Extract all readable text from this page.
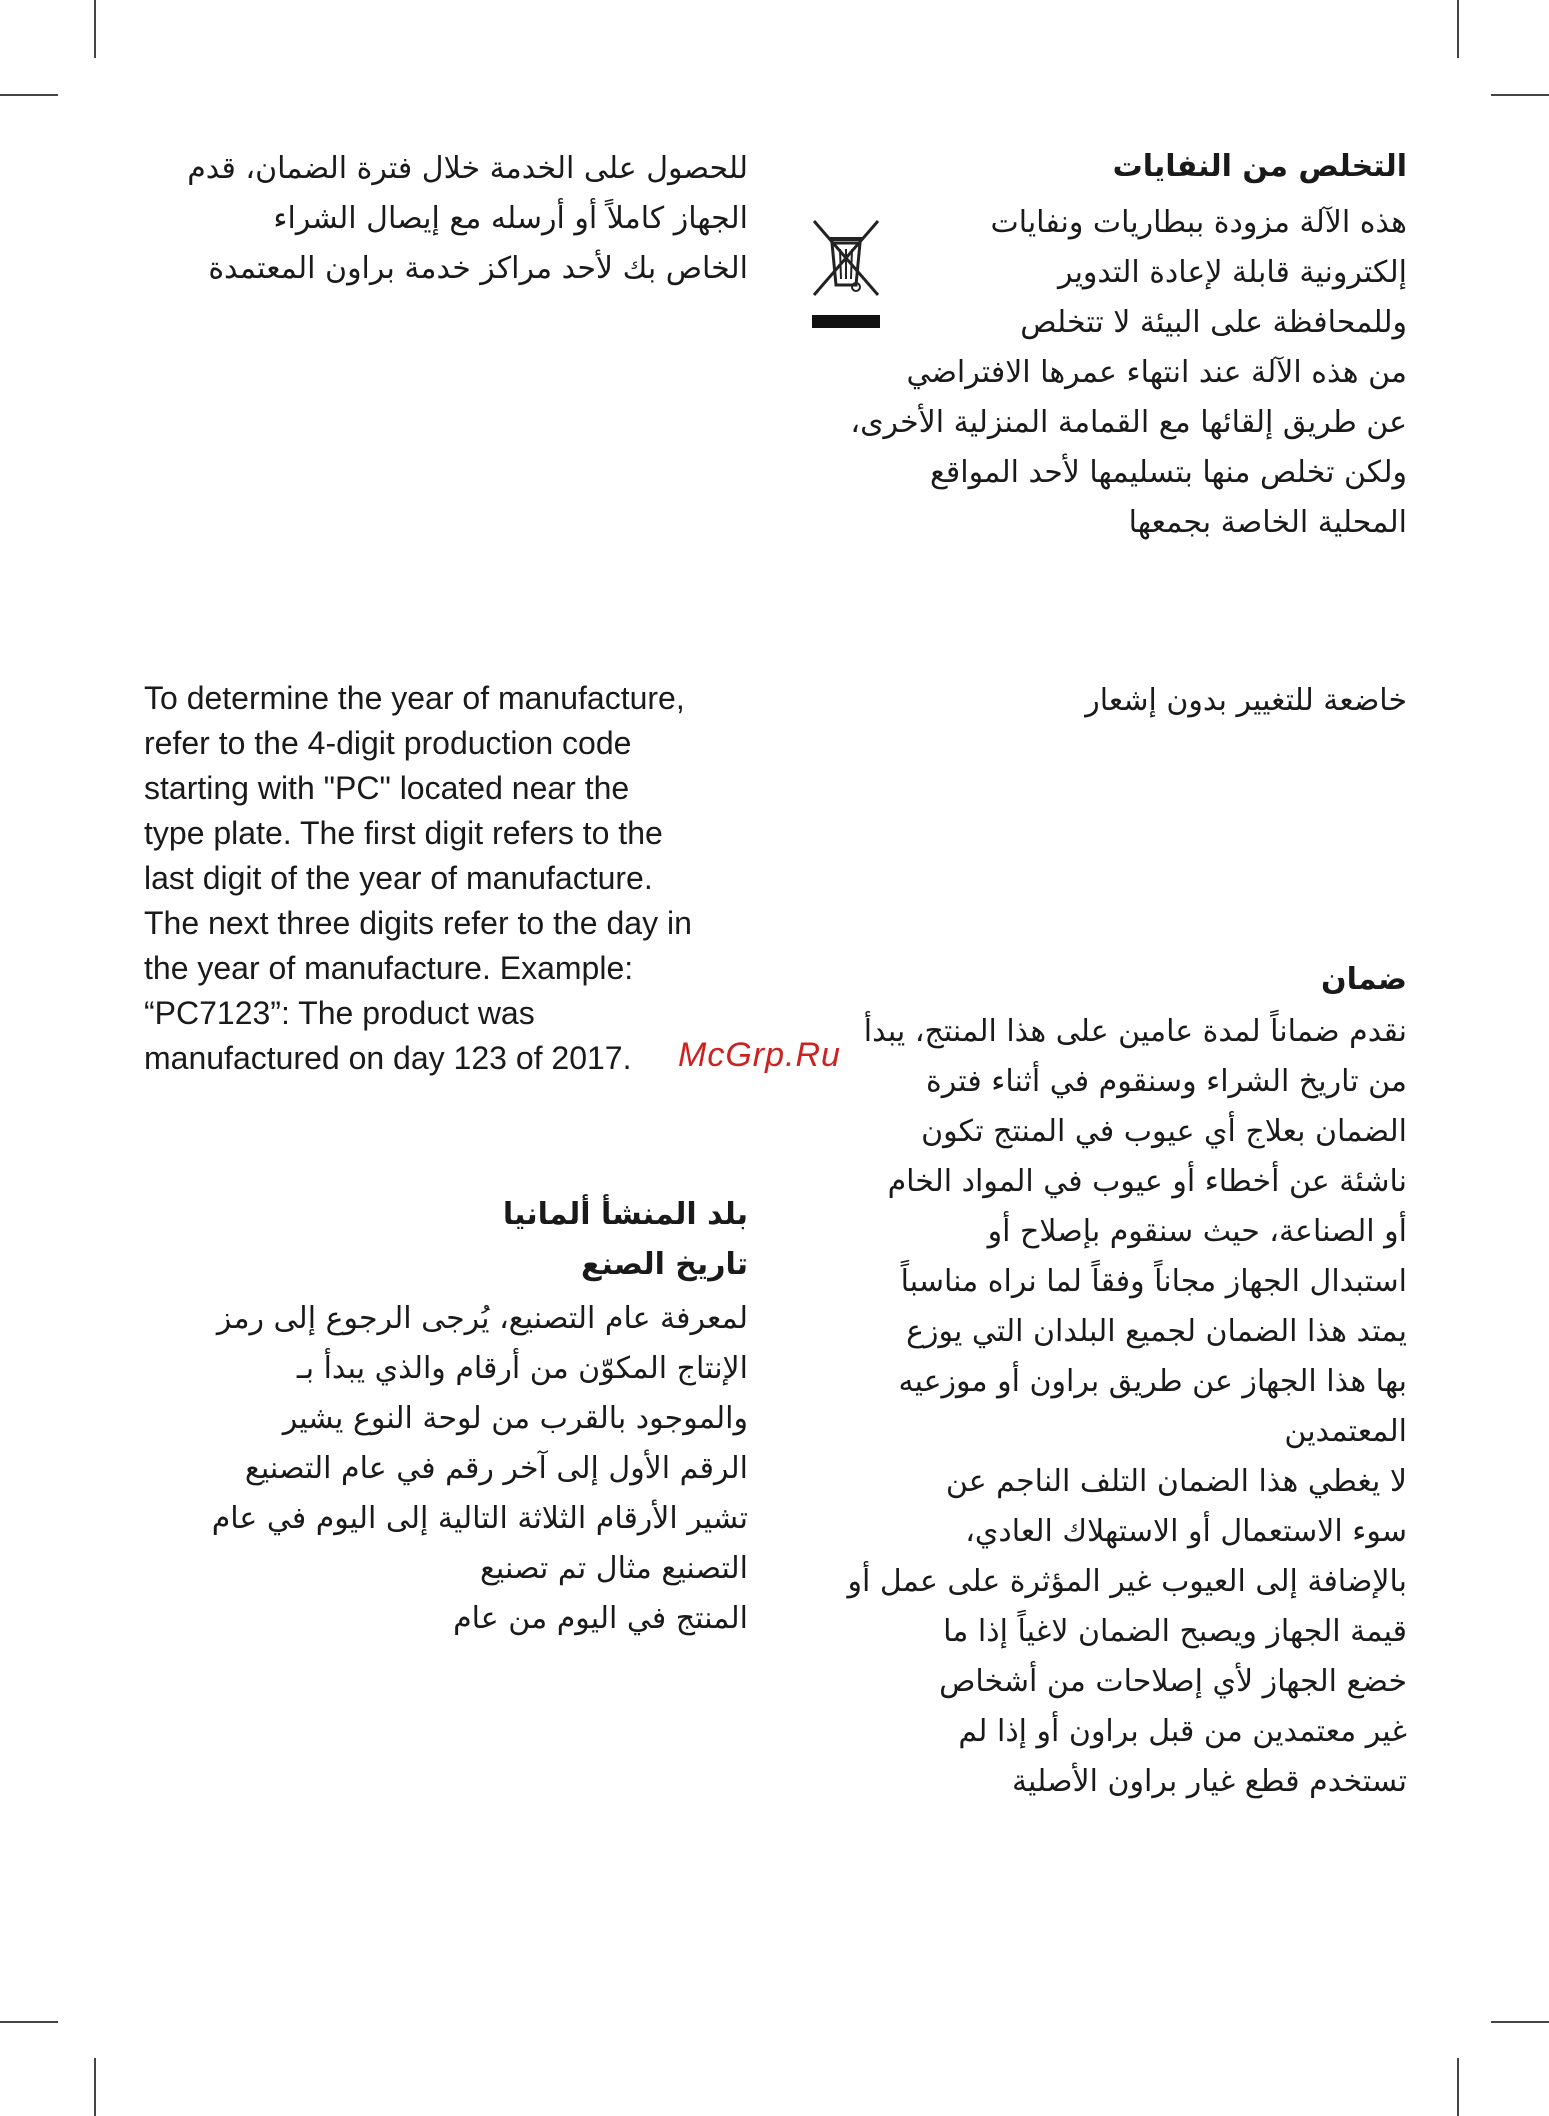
التخلص من النفايات

هذه الآلة مزودة ببطاريات ونفايات

إلكترونية قابلة لإعادة التدوير

وللمحافظة على البيئة لا تتخلص

من هذه الآلة عند انتهاء عمرها الافتراضي

عن طريق إلقائها مع القمامة المنزلية الأخرى،

ولكن تخلص منها بتسليمها لأحد المواقع

المحلية الخاصة بجمعها

للحصول على الخدمة خلال فترة الضمان، قدم

الجهاز كاملاً أو أرسله مع إيصال الشراء

الخاص بك لأحد مراكز خدمة براون المعتمدة

خاضعة للتغيير بدون إشعار

To determine the year of manufacture,

refer to the 4-digit production code

starting with "PC" located near the

type plate. The first digit refers to the

last digit of the year of manufacture.

The next three digits refer to the day in

the year of manufacture. Example:

“PC7123”: The product was

manufactured on day 123 of 2017.	McGrp.Ru

ضمان

نقدم ضماناً لمدة عامين على هذا المنتج، يبدأ

من تاريخ الشراء وسنقوم في أثناء فترة

الضمان بعلاج أي عيوب في المنتج تكون

ناشئة عن أخطاء أو عيوب في المواد الخام

أو الصناعة، حيث سنقوم بإصلاح أو

استبدال الجهاز مجاناً وفقاً لما نراه مناسباً

يمتد هذا الضمان لجميع البلدان التي يوزع

بها هذا الجهاز عن طريق براون أو موزعيه

المعتمدين

لا يغطي هذا الضمان التلف الناجم عن

سوء الاستعمال أو الاستهلاك العادي،

بالإضافة إلى العيوب غير المؤثرة على عمل أو

قيمة الجهاز ويصبح الضمان لاغياً إذا ما

خضع الجهاز لأي إصلاحات من أشخاص

غير معتمدين من قبل براون أو إذا لم

تستخدم قطع غيار براون الأصلية

بلد المنشأ ألمانيا

تاريخ الصنع

لمعرفة عام التصنيع، يُرجى الرجوع إلى رمز

الإنتاج المكوّن من أرقام والذي يبدأ بـ

والموجود بالقرب من لوحة النوع يشير

الرقم الأول إلى آخر رقم في عام التصنيع

تشير الأرقام الثلاثة التالية إلى اليوم في عام

التصنيع مثال تم تصنيع

المنتج في اليوم من عام
